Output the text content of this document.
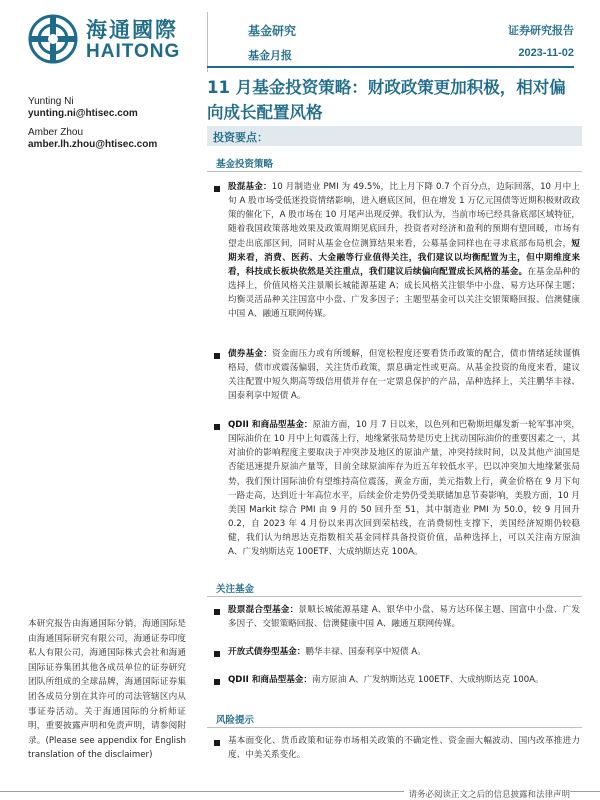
海通國際
HAITONG
基金研究
基金月报
证券研究报告
2023-11-02
11 月基金投资策略：财政政策更加积极，相对偏向成长配置风格
Yunting Ni
yunting.ni@htisec.com
Amber Zhou
amber.lh.zhou@htisec.com
投资要点：
基金投资策略
股混基金：10 月制造业 PMI 为 49.5%，比上月下降 0.7 个百分点，边际回落，10 月中上旬 A 股市场受低迷投资情绪影响，进入磨底区间，但在增发 1 万亿元国债等近期积极财政政策的催化下，A 股市场在 10 月尾声出现反弹。我们认为，当前市场已经具备底部区域特征，随着我国政策落地效果及政策周期见底回升，投资者对经济和盈利的预期有望回暖，市场有望走出底部区间，同时从基金仓位测算结果来看，公募基金同样也在寻求底部布局机会，短期来看，消费、医药、大金融等行业值得关注，我们建议以均衡配置为主，但中期维度来看，科技成长板块依然是关注重点，我们建议后续偏向配置成长风格的基金。在基金品种的选择上，价值风格关注景顺长城能源基建 A；成长风格关注银华中小盘、易方达环保主题；均衡灵活品种关注国富中小盘、广发多因子；主题型基金可以关注交银策略回报、信澳健康中国 A、融通互联网传媒。
债券基金：资金面压力或有所缓解，但宽松程度还要看货币政策的配合，债市情绪延续谨慎格局，债市或震荡偏弱，关注货币政策，票息确定性或更高。从基金投资的角度来看，建议关注配置中短久期高等级信用债并存在一定票息保护的产品，品种选择上，关注鹏华丰禄、国泰利享中短债 A。
QDII 和商品型基金：原油方面，10 月 7 日以来，以色列和巴勒斯坦爆发新一轮军事冲突，国际油价在 10 月中上旬震荡上行，地缘紧张局势是历史上扰动国际油价的重要因素之一，其对油价的影响程度主要取决于冲突涉及地区的原油产量，冲突持续时间，以及其他产油国是否能迅速提升原油产量等，目前全球原油库存为近五年较低水平，巴以冲突加大地缘紧张局势，我们预计国际油价有望维持高位震荡，黄金方面，美元指数上行，黄金价格在 9 月下旬一路走高，达到近十年高位水平，后续金价走势仍受美联储加息节奏影响，美股方面，10 月美国 Markit 综合 PMI 由 9 月的 50 回升至 51，其中制造业 PMI 为 50.0，较 9 月回升 0.2，自 2023 年 4 月份以来再次回到荣枯线，在消费韧性支撑下，美国经济短期仍较稳健，我们认为纳思达克指数相关基金同样具备投资价值，品种选择上，可以关注南方原油 A、广发纳斯达克 100ETF、大成纳斯达克 100A。
关注基金
股票混合型基金：景顺长城能源基建 A、银华中小盘、易方达环保主题、国富中小盘、广发多因子、交银策略回报、信澳健康中国 A、融通互联网传媒。
开放式债券型基金：鹏华丰禄、国泰利享中短债 A。
QDII 和商品型基金：南方原油 A、广发纳斯达克 100ETF、大成纳斯达克 100A。
风险提示
基本面变化、货币政策和证券市场相关政策的不确定性、资金面大幅波动、国内改革推进力度、中美关系变化。
本研究报告由海通国际分销，海通国际是由海通国际研究有限公司，海通证券印度私人有限公司，海通国际株式会社和海通国际证券集团其他各成员单位的证券研究团队所组成的全球品牌，海通国际证券集团各成员分别在其许可的司法管辖区内从事证券活动。关于海通国际的分析师证明，重要披露声明和免责声明，请参阅附录。(Please see appendix for English translation of the disclaimer)
请务必阅读正文之后的信息披露和法律声明
